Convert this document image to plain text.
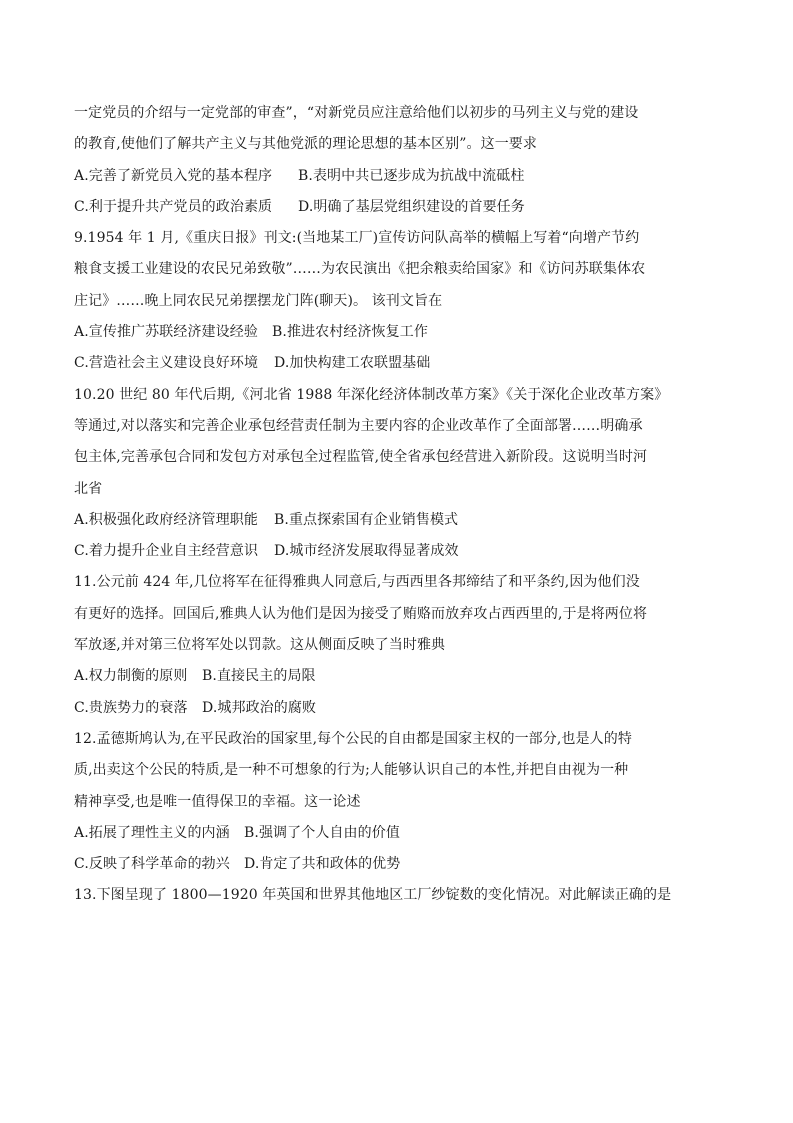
一定党员的介绍与一定党部的审查”，“对新党员应注意给他们以初步的马列主义与党的建设
的教育,使他们了解共产主义与其他党派的理论思想的基本区别”。这一要求
A.完善了新党员入党的基本程序 B.表明中共已逐步成为抗战中流砥柱
C.利于提升共产党员的政治素质 D.明确了基层党组织建设的首要任务
9.1954 年 1 月,《重庆日报》刊文:(当地某工厂)宣传访问队高举的横幅上写着“向增产节约
粮食支援工业建设的农民兄弟致敬”……为农民演出《把余粮卖给国家》和《访问苏联集体农
庄记》……晚上同农民兄弟摆摆龙门阵(聊天)。 该刊文旨在
A.宣传推广苏联经济建设经验 B.推进农村经济恢复工作
C.营造社会主义建设良好环境 D.加快构建工农联盟基础
10.20 世纪 80 年代后期,《河北省 1988 年深化经济体制改革方案》《关于深化企业改革方案》
等通过,对以落实和完善企业承包经营责任制为主要内容的企业改革作了全面部署……明确承
包主体,完善承包合同和发包方对承包全过程监管,使全省承包经营进入新阶段。这说明当时河
北省
A.积极强化政府经济管理职能 B.重点探索国有企业销售模式
C.着力提升企业自主经营意识 D.城市经济发展取得显著成效
11.公元前 424 年,几位将军在征得雅典人同意后,与西西里各邦缔结了和平条约,因为他们没
有更好的选择。回国后,雅典人认为他们是因为接受了贿赂而放弃攻占西西里的,于是将两位将
军放逐,并对第三位将军处以罚款。这从侧面反映了当时雅典
A.权力制衡的原则 B.直接民主的局限
C.贵族势力的衰落 D.城邦政治的腐败
12.孟德斯鸠认为,在平民政治的国家里,每个公民的自由都是国家主权的一部分,也是人的特
质,出卖这个公民的特质,是一种不可想象的行为;人能够认识自己的本性,并把自由视为一种
精神享受,也是唯一值得保卫的幸福。这一论述
A.拓展了理性主义的内涵 B.强调了个人自由的价值
C.反映了科学革命的勃兴 D.肯定了共和政体的优势
13.下图呈现了 1800—1920 年英国和世界其他地区工厂纱锭数的变化情况。对此解读正确的是
